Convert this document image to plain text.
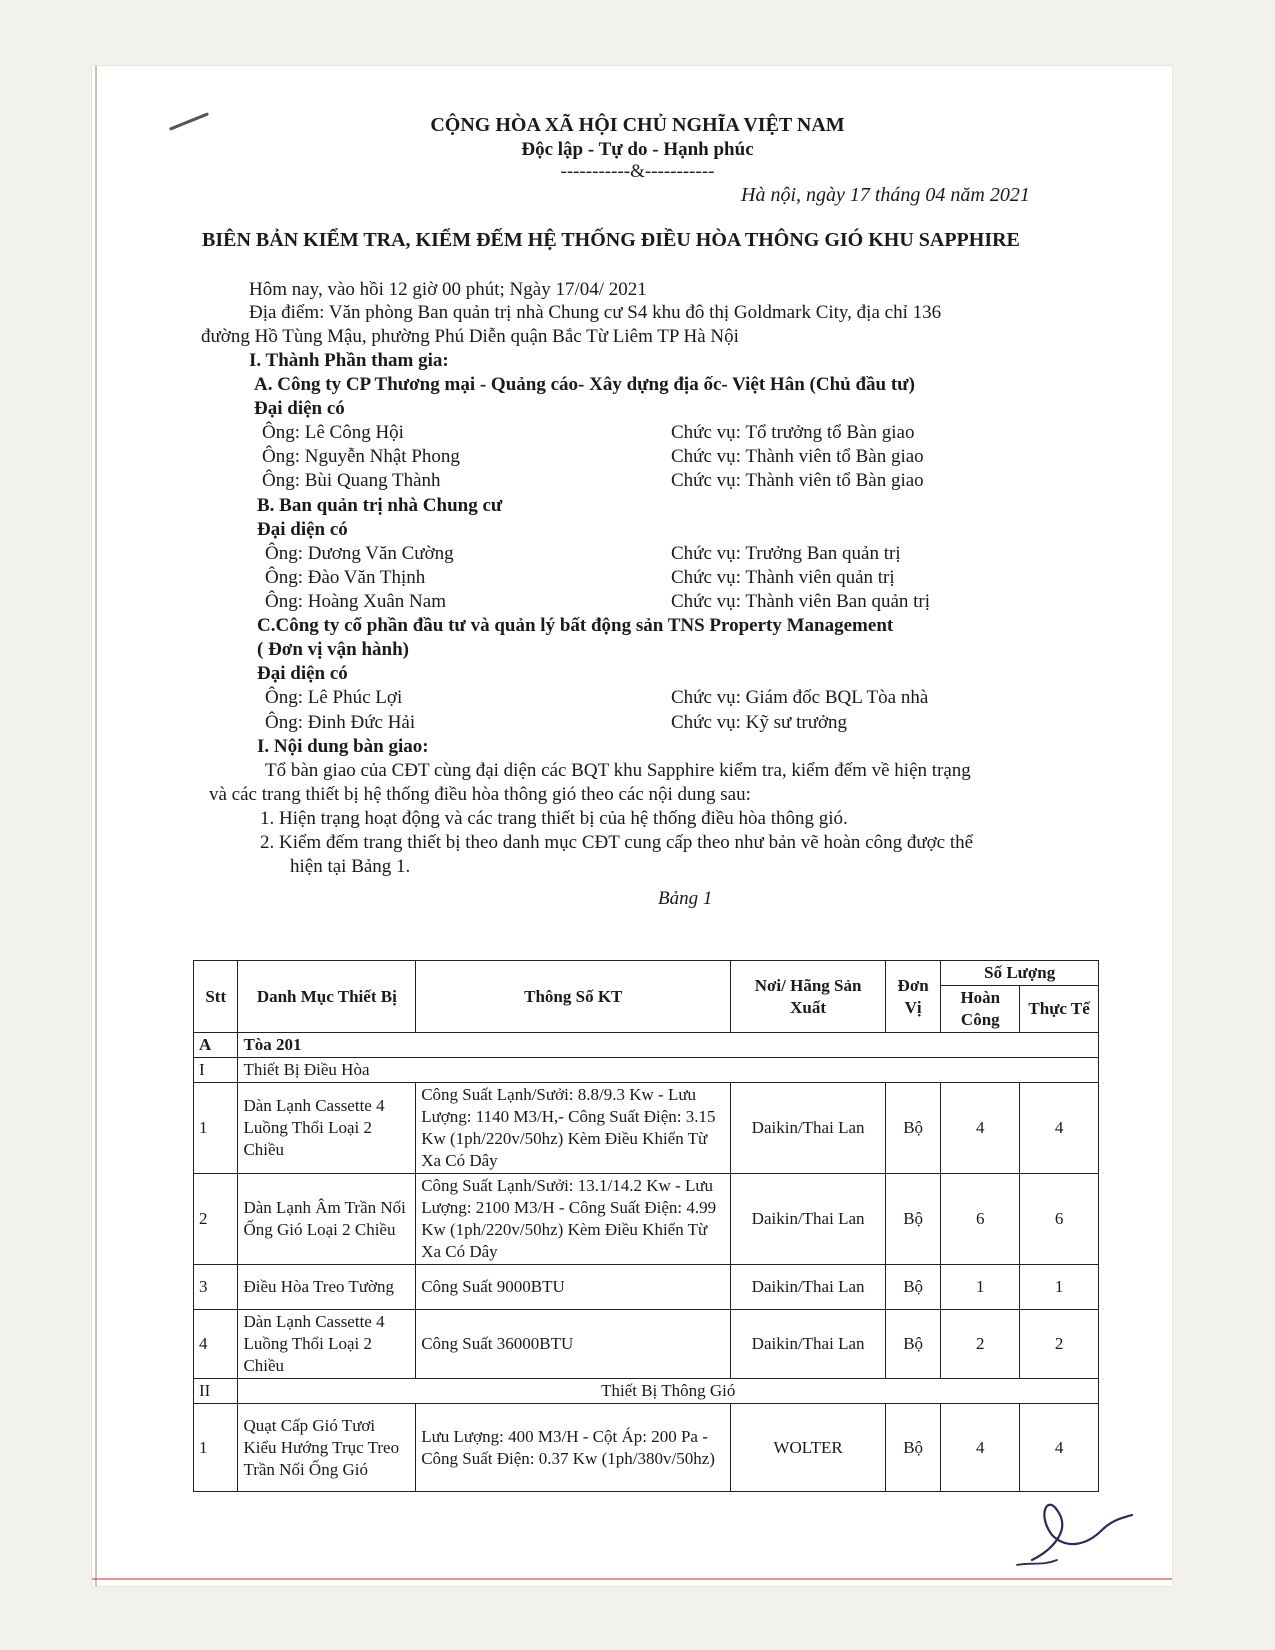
CỘNG HÒA XÃ HỘI CHỦ NGHĨA VIỆT NAM
Độc lập - Tự do - Hạnh phúc
-----------&-----------
Hà nội, ngày 17 tháng 04 năm 2021
BIÊN BẢN KIỂM TRA, KIỂM ĐẾM HỆ THỐNG ĐIỀU HÒA THÔNG GIÓ KHU SAPPHIRE
Hôm nay, vào hồi 12 giờ 00 phút; Ngày 17/04/ 2021
Địa điểm: Văn phòng Ban quản trị nhà Chung cư S4 khu đô thị Goldmark City, địa chỉ 136
đường Hồ Tùng Mậu, phường Phú Diễn quận Bắc Từ Liêm TP Hà Nội
I. Thành Phần tham gia:
A. Công ty CP Thương mại - Quảng cáo- Xây dựng địa ốc- Việt Hân (Chủ đầu tư)
Đại diện có
Ông: Lê Công Hội	Chức vụ: Tổ trưởng tổ Bàn giao
Ông: Nguyễn Nhật Phong	Chức vụ: Thành viên tổ Bàn giao
Ông: Bùi Quang Thành	Chức vụ: Thành viên tổ Bàn giao
B. Ban quản trị nhà Chung cư
Đại diện có
Ông: Dương Văn Cường	Chức vụ: Trưởng Ban quản trị
Ông: Đào Văn Thịnh	Chức vụ: Thành viên quản trị
Ông: Hoàng Xuân Nam	Chức vụ: Thành viên Ban quản trị
C.Công ty cổ phần đầu tư và quản lý bất động sản TNS Property Management
( Đơn vị vận hành)
Đại diện có
Ông: Lê Phúc Lợi	Chức vụ: Giám đốc BQL Tòa nhà
Ông: Đinh Đức Hải	Chức vụ: Kỹ sư trưởng
I. Nội dung bàn giao:
Tổ bàn giao của CĐT cùng đại diện các BQT khu Sapphire kiểm tra, kiểm đếm về hiện trạng
và các trang thiết bị hệ thống điều hòa thông gió theo các nội dung sau:
1. Hiện trạng hoạt động và các trang thiết bị của hệ thống điều hòa thông gió.
2. Kiểm đếm trang thiết bị theo danh mục CĐT cung cấp theo như bản vẽ hoàn công được thể
hiện tại Bảng 1.
Bảng 1
Stt	Danh Mục Thiết Bị	Thông Số KT	Nơi/ Hãng Sản Xuất	Đơn Vị	Số Lượng	
					Hoàn Công	Thực Tế
A	Tòa 201					
I	Thiết Bị Điều Hòa					
1	Dàn Lạnh Cassette 4 Luồng Thổi Loại 2 Chiều	Công Suất Lạnh/Sưởi: 8.8/9.3 Kw - Lưu Lượng: 1140 M3/H,- Công Suất Điện: 3.15 Kw (1ph/220v/50hz) Kèm Điều Khiển Từ Xa Có Dây	Daikin/Thai Lan	Bộ	4	4
2	Dàn Lạnh Âm Trần Nối Ống Gió Loại 2 Chiều	Công Suất Lạnh/Sưởi: 13.1/14.2 Kw - Lưu Lượng: 2100 M3/H - Công Suất Điện: 4.99 Kw (1ph/220v/50hz) Kèm Điều Khiển Từ Xa Có Dây	Daikin/Thai Lan	Bộ	6	6
3	Điều Hòa Treo Tường	Công Suất 9000BTU	Daikin/Thai Lan	Bộ	1	1
4	Dàn Lạnh Cassette 4 Luồng Thổi Loại 2 Chiều	Công Suất 36000BTU	Daikin/Thai Lan	Bộ	2	2
II	Thiết Bị Thông Gió					
1	Quạt Cấp Gió Tươi Kiểu Hướng Trục Treo Trần Nối Ống Gió	Lưu Lượng: 400 M3/H - Cột Áp: 200 Pa - Công Suất Điện: 0.37 Kw (1ph/380v/50hz)	WOLTER	Bộ	4	4
